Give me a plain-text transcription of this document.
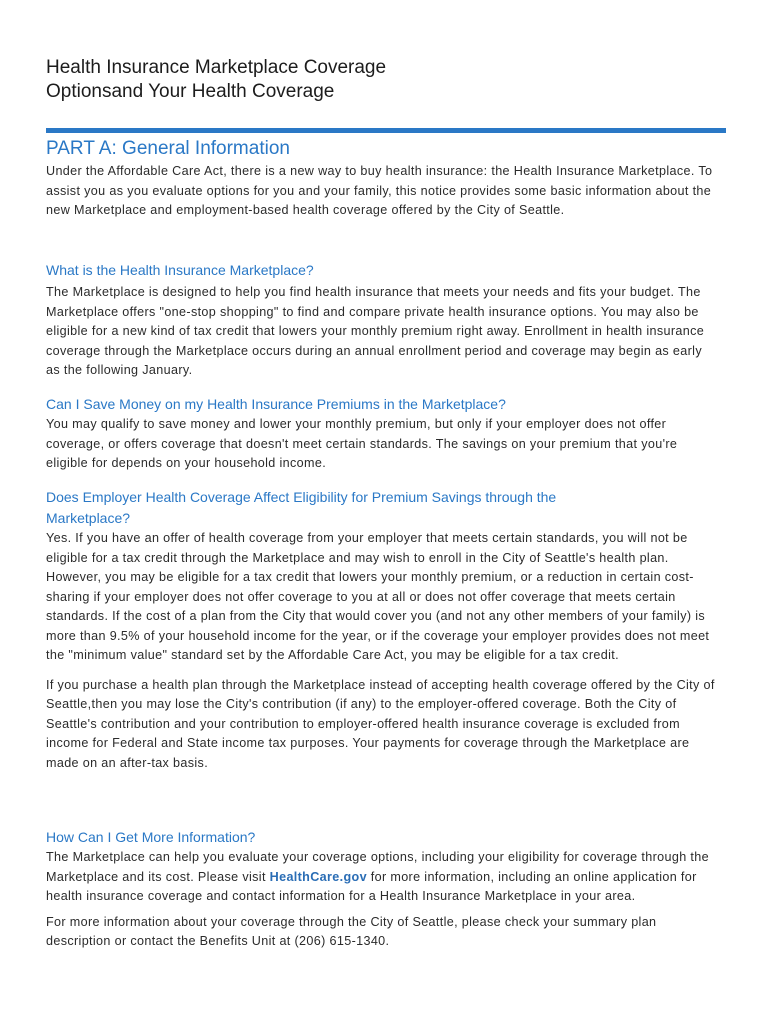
Health Insurance Marketplace Coverage
Optionsand Your Health Coverage
PART A: General Information

Under the Affordable Care Act, there is a new way to buy health insurance: the Health Insurance Marketplace. To assist you as you evaluate options for you and your family, this notice provides some basic information about the new Marketplace and employment-based health coverage offered by the City of Seattle.

What is the Health Insurance Marketplace?

The Marketplace is designed to help you find health insurance that meets your needs and fits your budget. The Marketplace offers "one-stop shopping" to find and compare private health insurance options. You may also be eligible for a new kind of tax credit that lowers your monthly premium right away. Enrollment in health insurance coverage through the Marketplace occurs during an annual enrollment period and coverage may begin as early as the following January.

Can I Save Money on my Health Insurance Premiums in the Marketplace?

You may qualify to save money and lower your monthly premium, but only if your employer does not offer coverage, or offers coverage that doesn't meet certain standards. The savings on your premium that you're eligible for depends on your household income.

Does Employer Health Coverage Affect Eligibility for Premium Savings through the Marketplace?

Yes. If you have an offer of health coverage from your employer that meets certain standards, you will not be eligible for a tax credit through the Marketplace and may wish to enroll in the City of Seattle's health plan. However, you may be eligible for a tax credit that lowers your monthly premium, or a reduction in certain cost-sharing if your employer does not offer coverage to you at all or does not offer coverage that meets certain standards. If the cost of a plan from the City that would cover you (and not any other members of your family) is more than 9.5% of your household income for the year, or if the coverage your employer provides does not meet the "minimum value" standard set by the Affordable Care Act, you may be eligible for a tax credit.

If you purchase a health plan through the Marketplace instead of accepting health coverage offered by the City of Seattle,then you may lose the City's contribution (if any) to the employer-offered coverage. Both the City of Seattle's contribution and your contribution to employer-offered health insurance coverage is excluded from income for Federal and State income tax purposes. Your payments for coverage through the Marketplace are made on an after-tax basis.

How Can I Get More Information?

The Marketplace can help you evaluate your coverage options, including your eligibility for coverage through the Marketplace and its cost. Please visit HealthCare.gov for more information, including an online application for health insurance coverage and contact information for a Health Insurance Marketplace in your area.

For more information about your coverage through the City of Seattle, please check your summary plan description or contact the Benefits Unit at (206) 615-1340.
